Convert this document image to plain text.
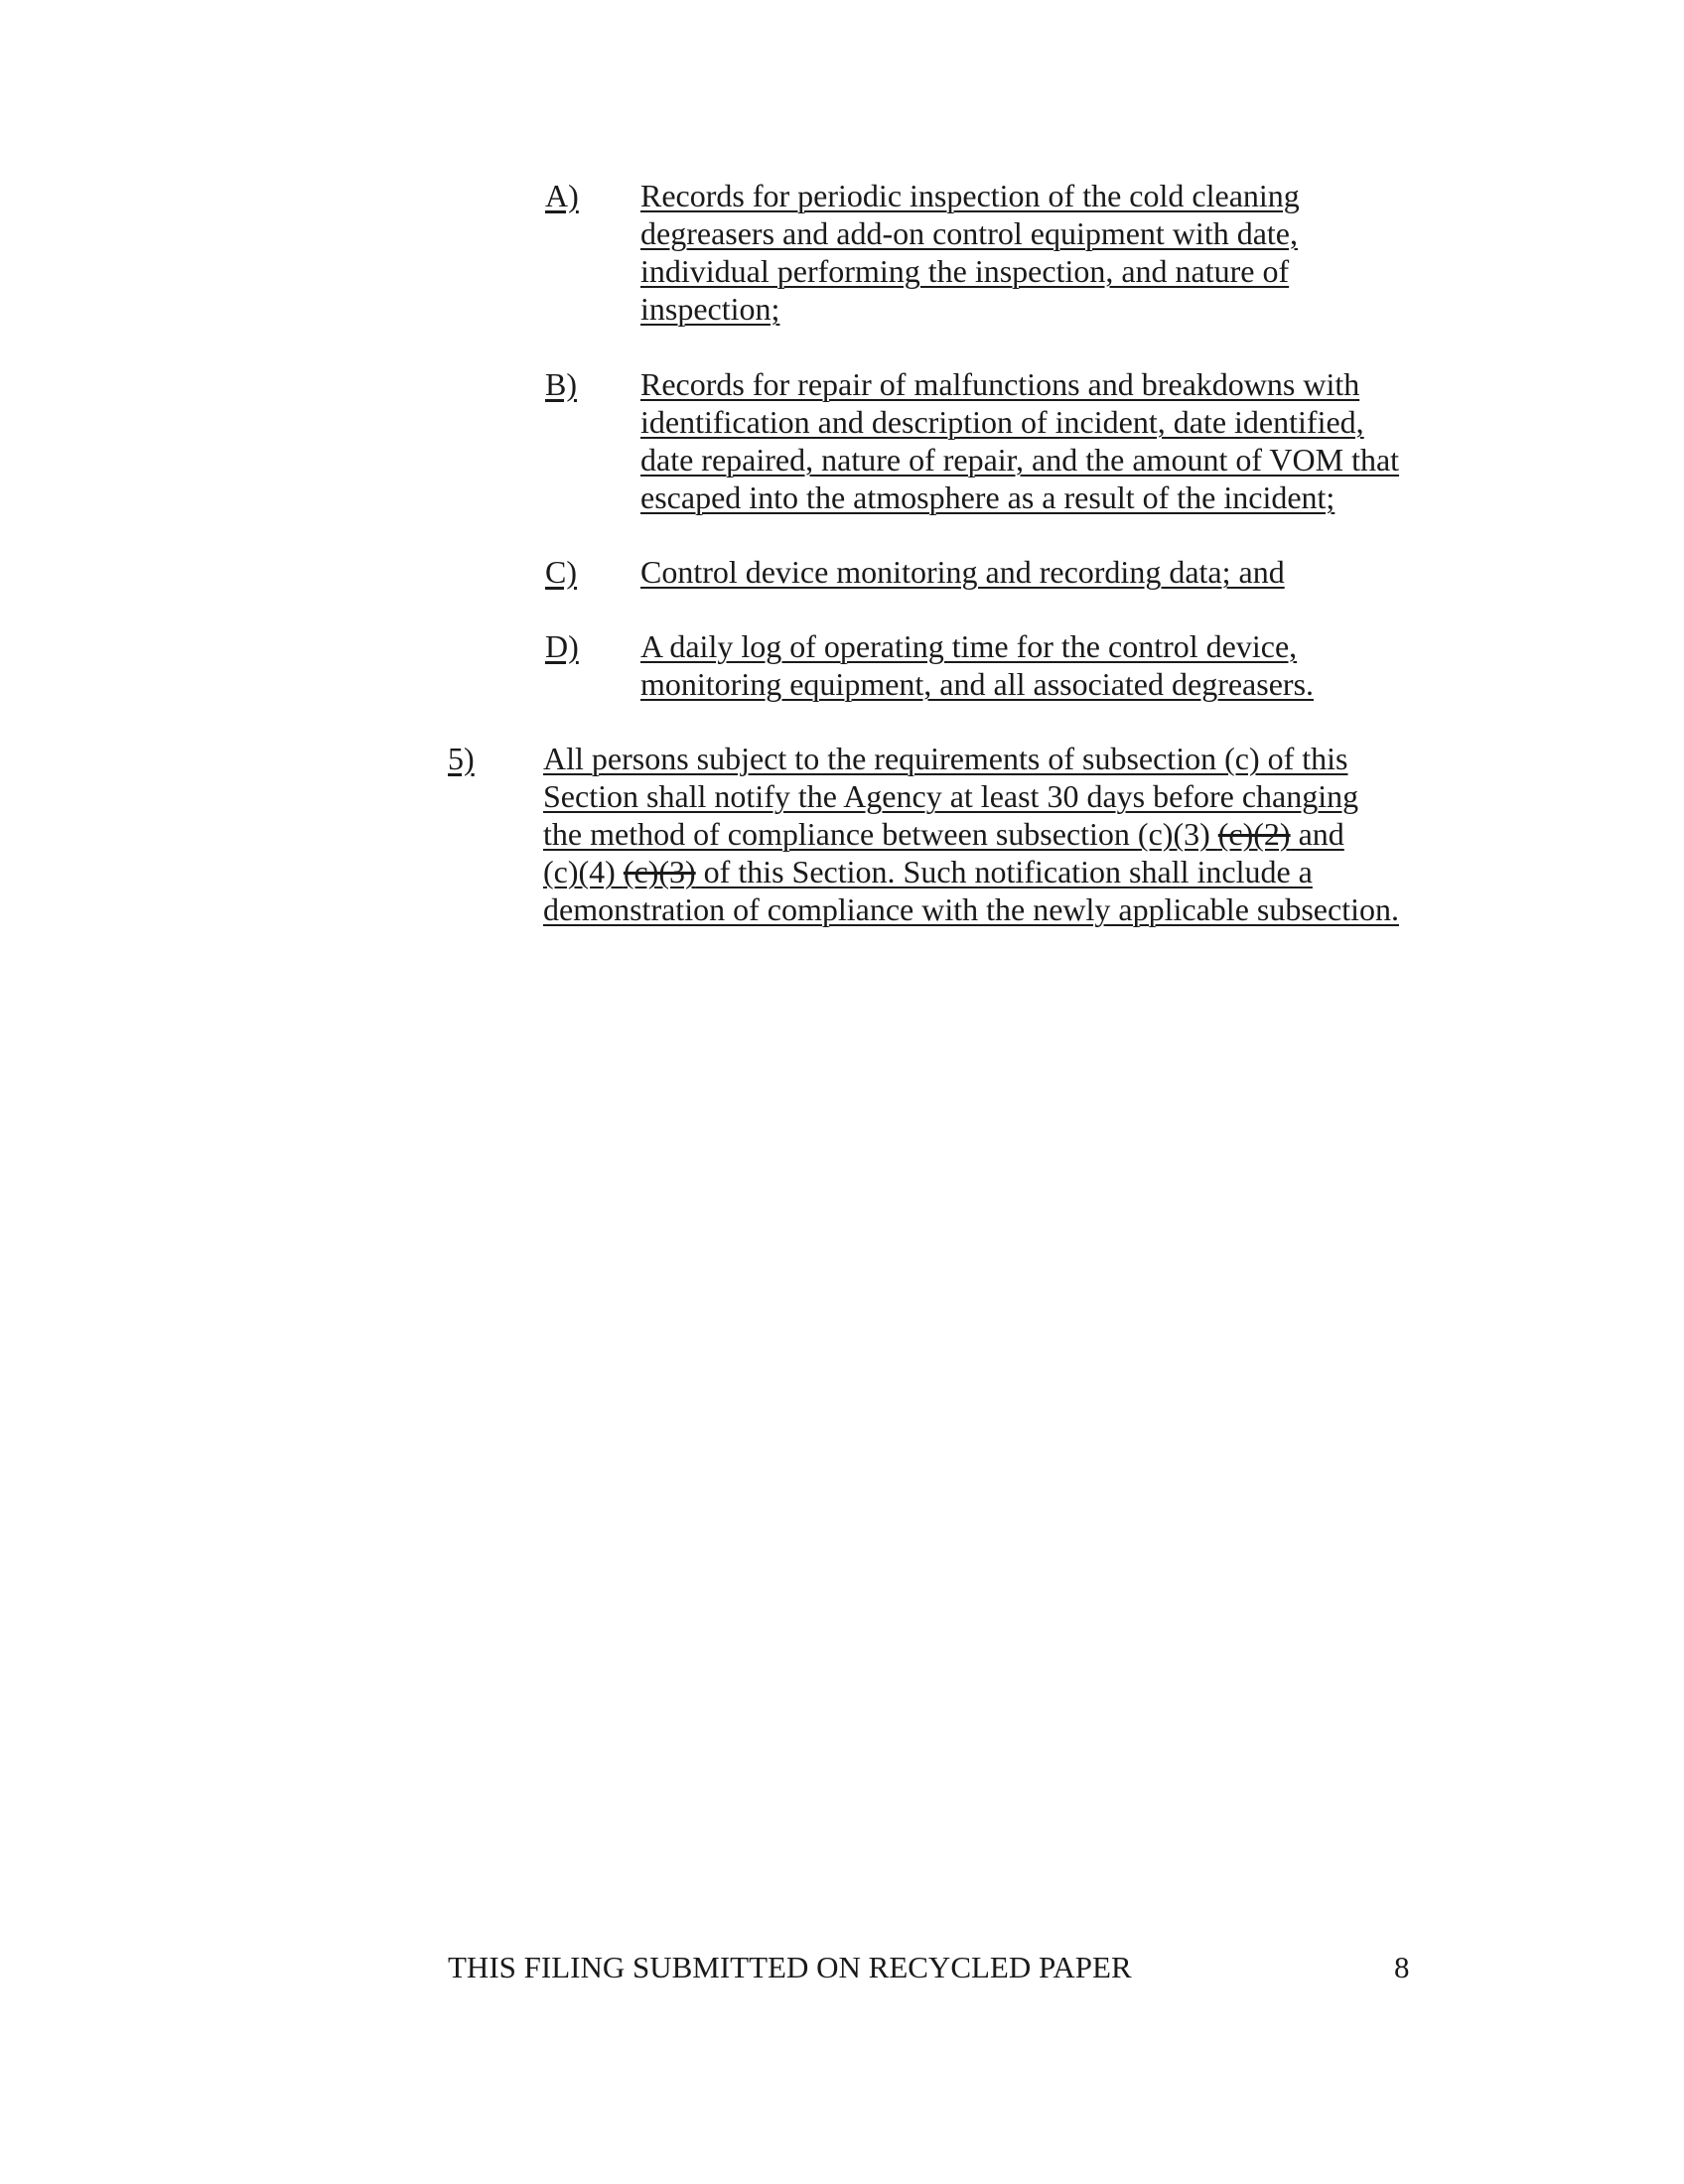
A) Records for periodic inspection of the cold cleaning
degreasers and add-on control equipment with date,
individual performing the inspection, and nature of
inspection;
B) Records for repair of malfunctions and breakdowns with
identification and description of incident, date identified,
date repaired, nature of repair, and the amount of VOM that
escaped into the atmosphere as a result of the incident;
C) Control device monitoring and recording data; and
D) A daily log of operating time for the control device,
monitoring equipment, and all associated degreasers.
5) All persons subject to the requirements of subsection (c) of this
Section shall notify the Agency at least 30 days before changing
the method of compliance between subsection (c)(3) (c)(2) and
(c)(4) (c)(3) of this Section. Such notification shall include a
demonstration of compliance with the newly applicable subsection.
THIS FILING SUBMITTED ON RECYCLED PAPER	8
